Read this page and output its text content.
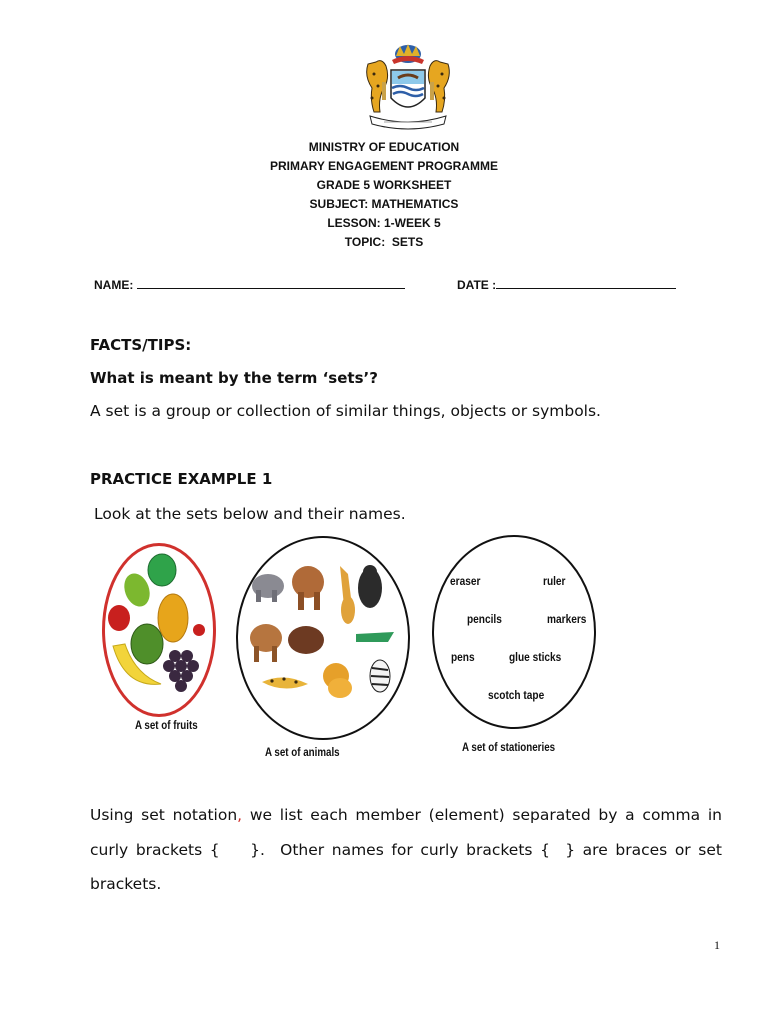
MINISTRY OF EDUCATION
PRIMARY ENGAGEMENT PROGRAMME
GRADE 5 WORKSHEET
SUBJECT: MATHEMATICS
LESSON: 1-WEEK 5
TOPIC:  SETS
NAME:	DATE :
FACTS/TIPS:
What is meant by the term ‘sets’?
A set is a group or collection of similar things, objects or symbols.
PRACTICE EXAMPLE 1
Look at the sets below and their names.
A set of fruits
A set of animals
eraser	ruler
pencils	markers
pens	glue sticks
scotch tape
A set of stationeries
Using set notation, we list each member (element) separated by a comma in curly brackets {    }.  Other names for curly brackets {  } are braces or set brackets.
1
